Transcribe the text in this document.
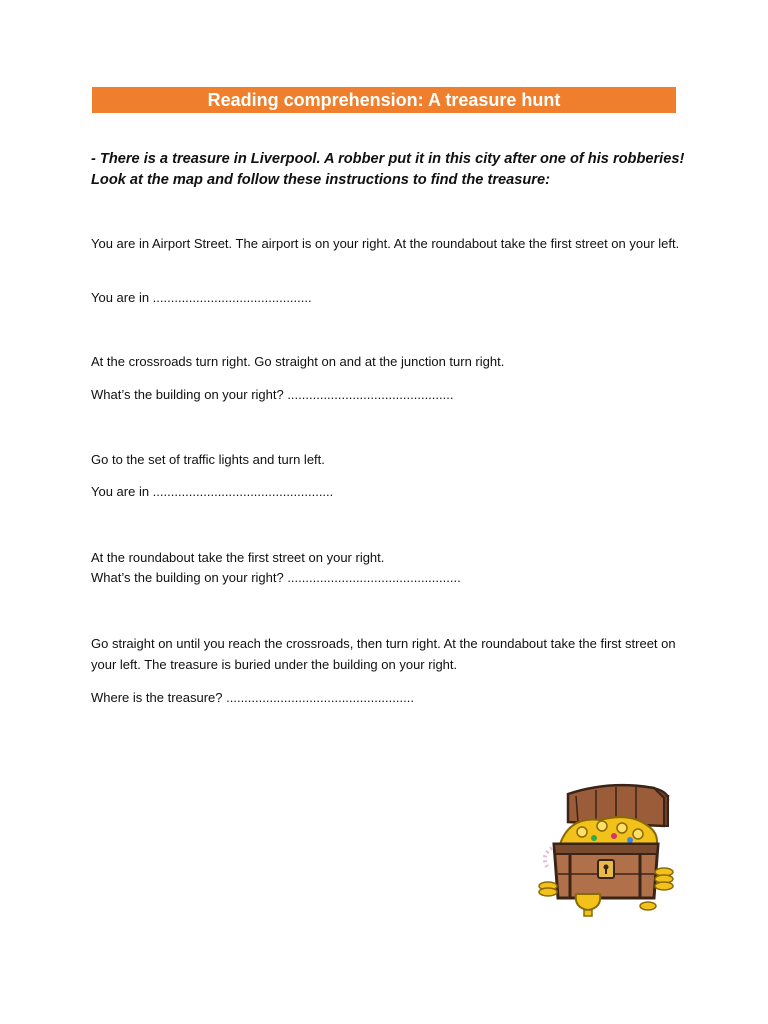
Reading comprehension: A treasure hunt
- There is a treasure in Liverpool. A robber put it in this city after one of his robberies! Look at the map and follow these instructions to find the treasure:
You are in Airport Street. The airport is on your right. At the roundabout take the first street on your left.
You are in ............................................
At the crossroads turn right. Go straight on and at the junction turn right.
What’s the building on your right? ..............................................
Go to the set of traffic lights and turn left.
You are in ..................................................
At the roundabout take the first street on your right.
What’s the building on your right? ................................................
Go straight on until you reach the crossroads, then turn right. At the roundabout take the first street on your left. The treasure is buried under the building on your right.
Where is the treasure? ....................................................
